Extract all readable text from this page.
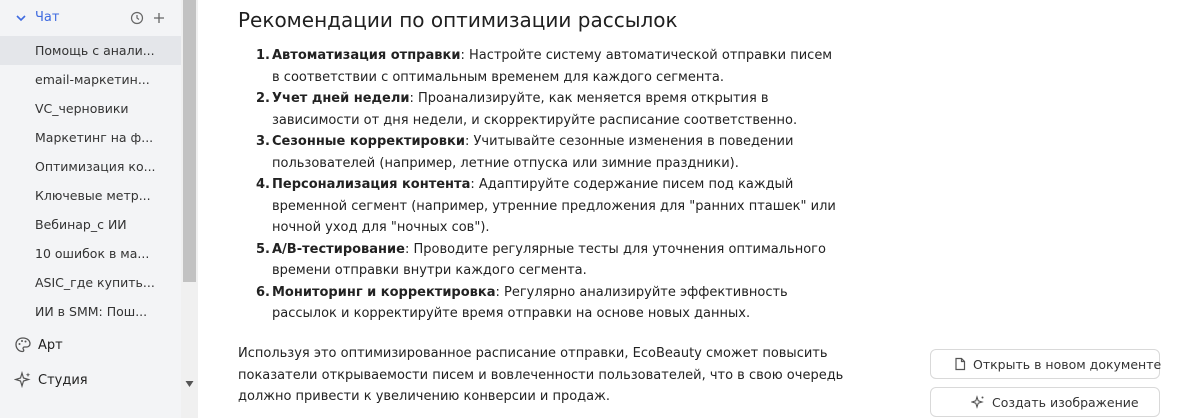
Чат
Помощь с анали...
email-маркетин...
VC_черновики
Маркетинг на ф...
Оптимизация ко...
Ключевые метр...
Вебинар_с ИИ
10 ошибок в ма...
ASIC_где купить...
ИИ в SMM: Пош...
Арт
Студия
Рекомендации по оптимизации рассылок
1. Автоматизация отправки: Настройте систему автоматической отправки писем в соответствии с оптимальным временем для каждого сегмента.
2. Учет дней недели: Проанализируйте, как меняется время открытия в зависимости от дня недели, и скорректируйте расписание соответственно.
3. Сезонные корректировки: Учитывайте сезонные изменения в поведении пользователей (например, летние отпуска или зимние праздники).
4. Персонализация контента: Адаптируйте содержание писем под каждый временной сегмент (например, утренние предложения для "ранних пташек" или ночной уход для "ночных сов").
5. A/B-тестирование: Проводите регулярные тесты для уточнения оптимального времени отправки внутри каждого сегмента.
6. Мониторинг и корректировка: Регулярно анализируйте эффективность рассылок и корректируйте время отправки на основе новых данных.

Используя это оптимизированное расписание отправки, EcoBeauty сможет повысить показатели открываемости писем и вовлеченности пользователей, что в свою очередь должно привести к увеличению конверсии и продаж.

Открыть в новом документе
Создать изображение
